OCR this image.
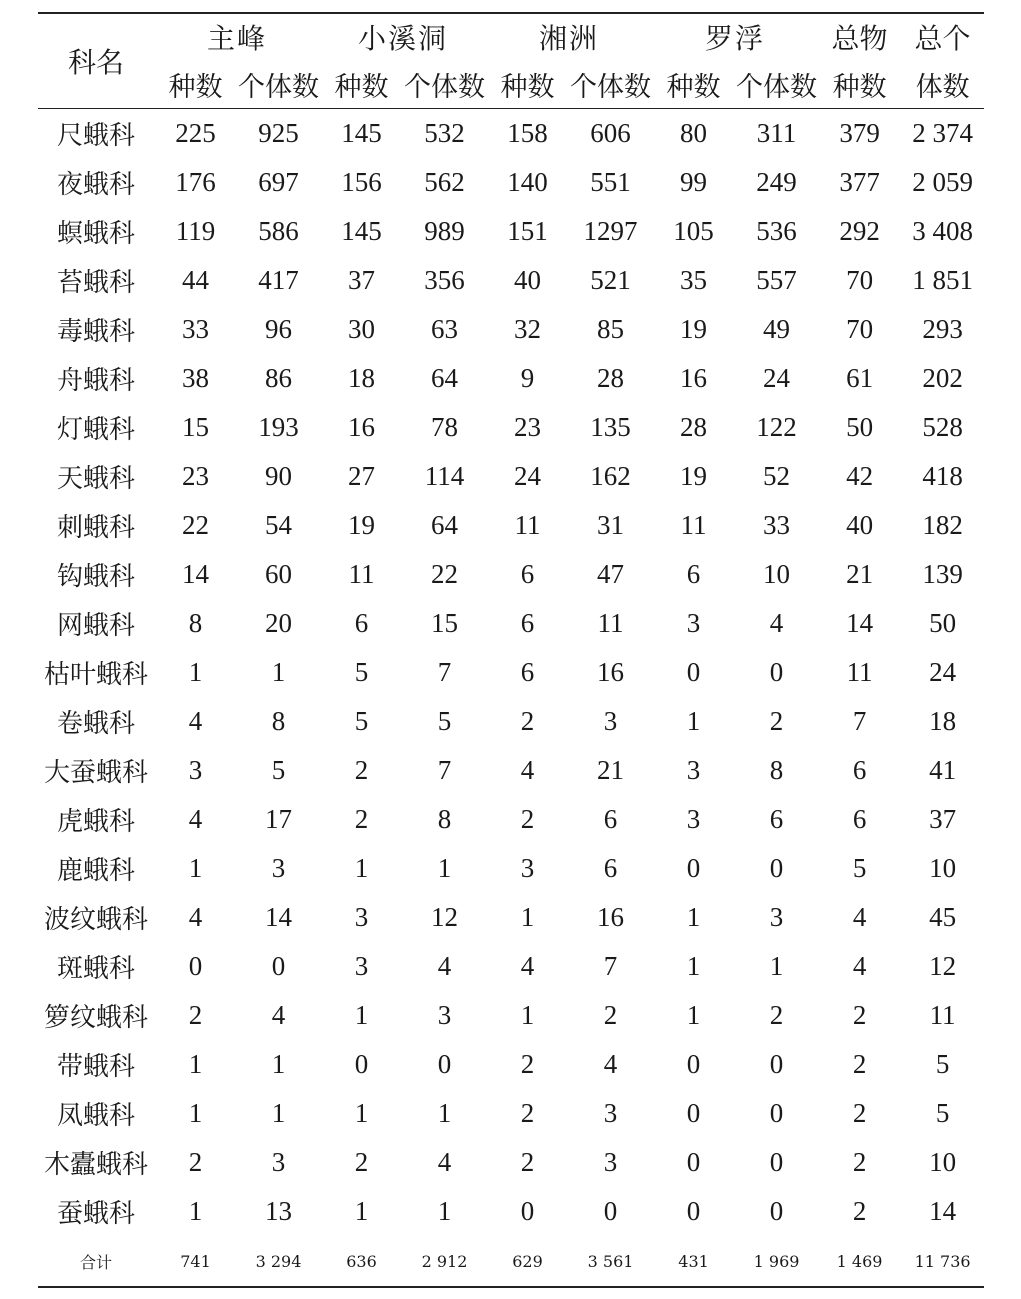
科名	主峰		小溪洞		湘洲		罗浮		总物	总个
	种数	个体数	种数	个体数	种数	个体数	种数	个体数	种数	体数
尺蛾科	225	925	145	532	158	606	80	311	379	2 374
夜蛾科	176	697	156	562	140	551	99	249	377	2 059
螟蛾科	119	586	145	989	151	1297	105	536	292	3 408
苔蛾科	44	417	37	356	40	521	35	557	70	1 851
毒蛾科	33	96	30	63	32	85	19	49	70	293
舟蛾科	38	86	18	64	9	28	16	24	61	202
灯蛾科	15	193	16	78	23	135	28	122	50	528
天蛾科	23	90	27	114	24	162	19	52	42	418
刺蛾科	22	54	19	64	11	31	11	33	40	182
钩蛾科	14	60	11	22	6	47	6	10	21	139
网蛾科	8	20	6	15	6	11	3	4	14	50
枯叶蛾科	1	1	5	7	6	16	0	0	11	24
卷蛾科	4	8	5	5	2	3	1	2	7	18
大蚕蛾科	3	5	2	7	4	21	3	8	6	41
虎蛾科	4	17	2	8	2	6	3	6	6	37
鹿蛾科	1	3	1	1	3	6	0	0	5	10
波纹蛾科	4	14	3	12	1	16	1	3	4	45
斑蛾科	0	0	3	4	4	7	1	1	4	12
箩纹蛾科	2	4	1	3	1	2	1	2	2	11
带蛾科	1	1	0	0	2	4	0	0	2	5
凤蛾科	1	1	1	1	2	3	0	0	2	5
木蠹蛾科	2	3	2	4	2	3	0	0	2	10
蚕蛾科	1	13	1	1	0	0	0	0	2	14
合计	741	3 294	636	2 912	629	3 561	431	1 969	1 469	11 736
